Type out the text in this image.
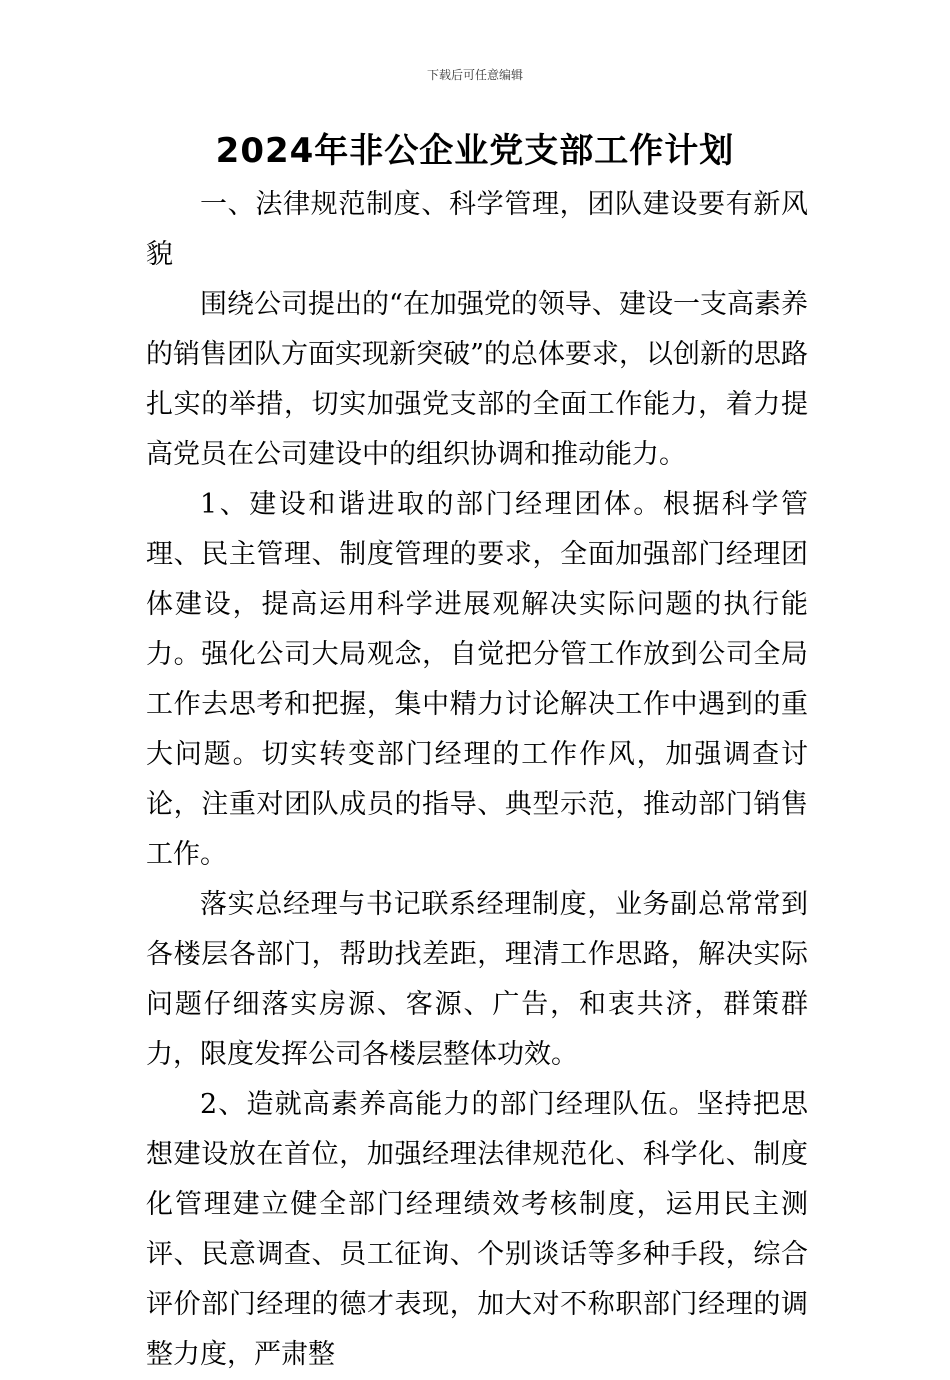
下载后可任意编辑
2024年非公企业党支部工作计划

一、法律规范制度、科学管理，团队建设要有新风貌

围绕公司提出的“在加强党的领导、建设一支高素养的销售团队方面实现新突破”的总体要求，以创新的思路扎实的举措，切实加强党支部的全面工作能力，着力提高党员在公司建设中的组织协调和推动能力。

1、建设和谐进取的部门经理团体。根据科学管理、民主管理、制度管理的要求，全面加强部门经理团体建设，提高运用科学进展观解决实际问题的执行能力。强化公司大局观念，自觉把分管工作放到公司全局工作去思考和把握，集中精力讨论解决工作中遇到的重大问题。切实转变部门经理的工作作风，加强调查讨论，注重对团队成员的指导、典型示范，推动部门销售工作。

落实总经理与书记联系经理制度，业务副总常常到各楼层各部门，帮助找差距，理清工作思路，解决实际问题仔细落实房源、客源、广告，和衷共济，群策群力，限度发挥公司各楼层整体功效。

2、造就高素养高能力的部门经理队伍。坚持把思想建设放在首位，加强经理法律规范化、科学化、制度化管理建立健全部门经理绩效考核制度，运用民主测评、民意调查、员工征询、个别谈话等多种手段，综合评价部门经理的德才表现，加大对不称职部门经理的调整力度，严肃整
